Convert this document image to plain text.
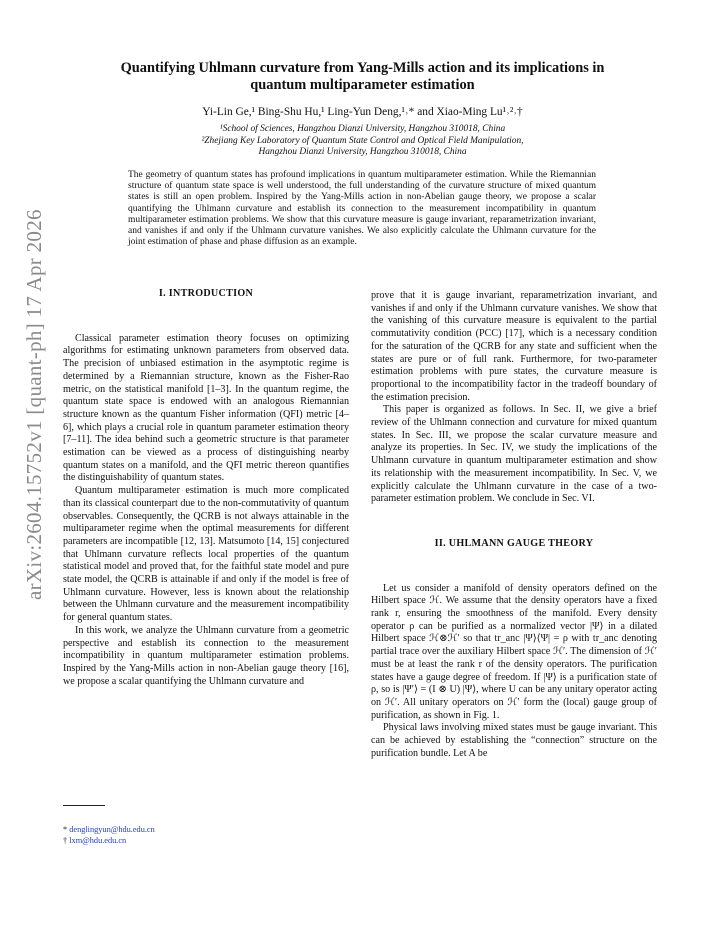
arXiv:2604.15752v1 [quant-ph] 17 Apr 2026
Quantifying Uhlmann curvature from Yang-Mills action and its implications in
quantum multiparameter estimation
Yi-Lin Ge,¹ Bing-Shu Hu,¹ Ling-Yun Deng,¹˒* and Xiao-Ming Lu¹˒²˒†
¹School of Sciences, Hangzhou Dianzi University, Hangzhou 310018, China
²Zhejiang Key Laboratory of Quantum State Control and Optical Field Manipulation,
Hangzhou Dianzi University, Hangzhou 310018, China
The geometry of quantum states has profound implications in quantum multiparameter estimation. While the Riemannian structure of quantum state space is well understood, the full understanding of the curvature structure of mixed quantum states is still an open problem. Inspired by the Yang-Mills action in non-Abelian gauge theory, we propose a scalar quantifying the Uhlmann curvature and establish its connection to the measurement incompatibility in quantum multiparameter estimation problems. We show that this curvature measure is gauge invariant, reparametrization invariant, and vanishes if and only if the Uhlmann curvature vanishes. We also explicitly calculate the Uhlmann curvature for the joint estimation of phase and phase diffusion as an example.
I. INTRODUCTION

Classical parameter estimation theory focuses on optimizing algorithms for estimating unknown parameters from observed data. The precision of unbiased estimation in the asymptotic regime is determined by a Riemannian structure, known as the Fisher-Rao metric, on the statistical manifold [1–3]. In the quantum regime, the quantum state space is endowed with an analogous Riemannian structure known as the quantum Fisher information (QFI) metric [4–6], which plays a crucial role in quantum parameter estimation theory [7–11]. The idea behind such a geometric structure is that parameter estimation can be viewed as a process of distinguishing nearby quantum states on a manifold, and the QFI metric thereon quantifies the distinguishability of quantum states.

Quantum multiparameter estimation is much more complicated than its classical counterpart due to the non-commutativity of quantum observables. Consequently, the QCRB is not always attainable in the multiparameter regime when the optimal measurements for different parameters are incompatible [12, 13]. Matsumoto [14, 15] conjectured that Uhlmann curvature reflects local properties of the quantum statistical model and proved that, for the faithful state model and pure state model, the QCRB is attainable if and only if the model is free of Uhlmann curvature. However, less is known about the relationship between the Uhlmann curvature and the measurement incompatibility for general quantum states.

In this work, we analyze the Uhlmann curvature from a geometric perspective and establish its connection to the measurement incompatibility in quantum multiparameter estimation problems. Inspired by the Yang-Mills action in non-Abelian gauge theory [16], we propose a scalar quantifying the Uhlmann curvature and

prove that it is gauge invariant, reparametrization invariant, and vanishes if and only if the Uhlmann curvature vanishes. We show that the vanishing of this curvature measure is equivalent to the partial commutativity condition (PCC) [17], which is a necessary condition for the saturation of the QCRB for any state and sufficient when the states are pure or of full rank. Furthermore, for two-parameter estimation problems with pure states, the curvature measure is proportional to the incompatibility factor in the tradeoff boundary of the estimation precision.

This paper is organized as follows. In Sec. II, we give a brief review of the Uhlmann connection and curvature for mixed quantum states. In Sec. III, we propose the scalar curvature measure and analyze its properties. In Sec. IV, we study the implications of the Uhlmann curvature in quantum multiparameter estimation and show its relationship with the measurement incompatibility. In Sec. V, we explicitly calculate the Uhlmann curvature in the case of a two-parameter estimation problem. We conclude in Sec. VI.

II. UHLMANN GAUGE THEORY

Let us consider a manifold of density operators defined on the Hilbert space ℋ. We assume that the density operators have a fixed rank r, ensuring the smoothness of the manifold. Every density operator ρ can be purified as a normalized vector |Ψ⟩ in a dilated Hilbert space ℋ⊗ℋ′ so that tr_anc |Ψ⟩⟨Ψ| = ρ with tr_anc denoting partial trace over the auxiliary Hilbert space ℋ′. The dimension of ℋ′ must be at least the rank r of the density operators. The purification states have a gauge degree of freedom. If |Ψ⟩ is a purification state of ρ, so is |Ψ′⟩ = (I ⊗ U) |Ψ⟩, where U can be any unitary operator acting on ℋ′. All unitary operators on ℋ′ form the (local) gauge group of purification, as shown in Fig. 1.

Physical laws involving mixed states must be gauge invariant. This can be achieved by establishing the “connection” structure on the purification bundle. Let A be

* denglingyun@hdu.edu.cn
† lxm@hdu.edu.cn
